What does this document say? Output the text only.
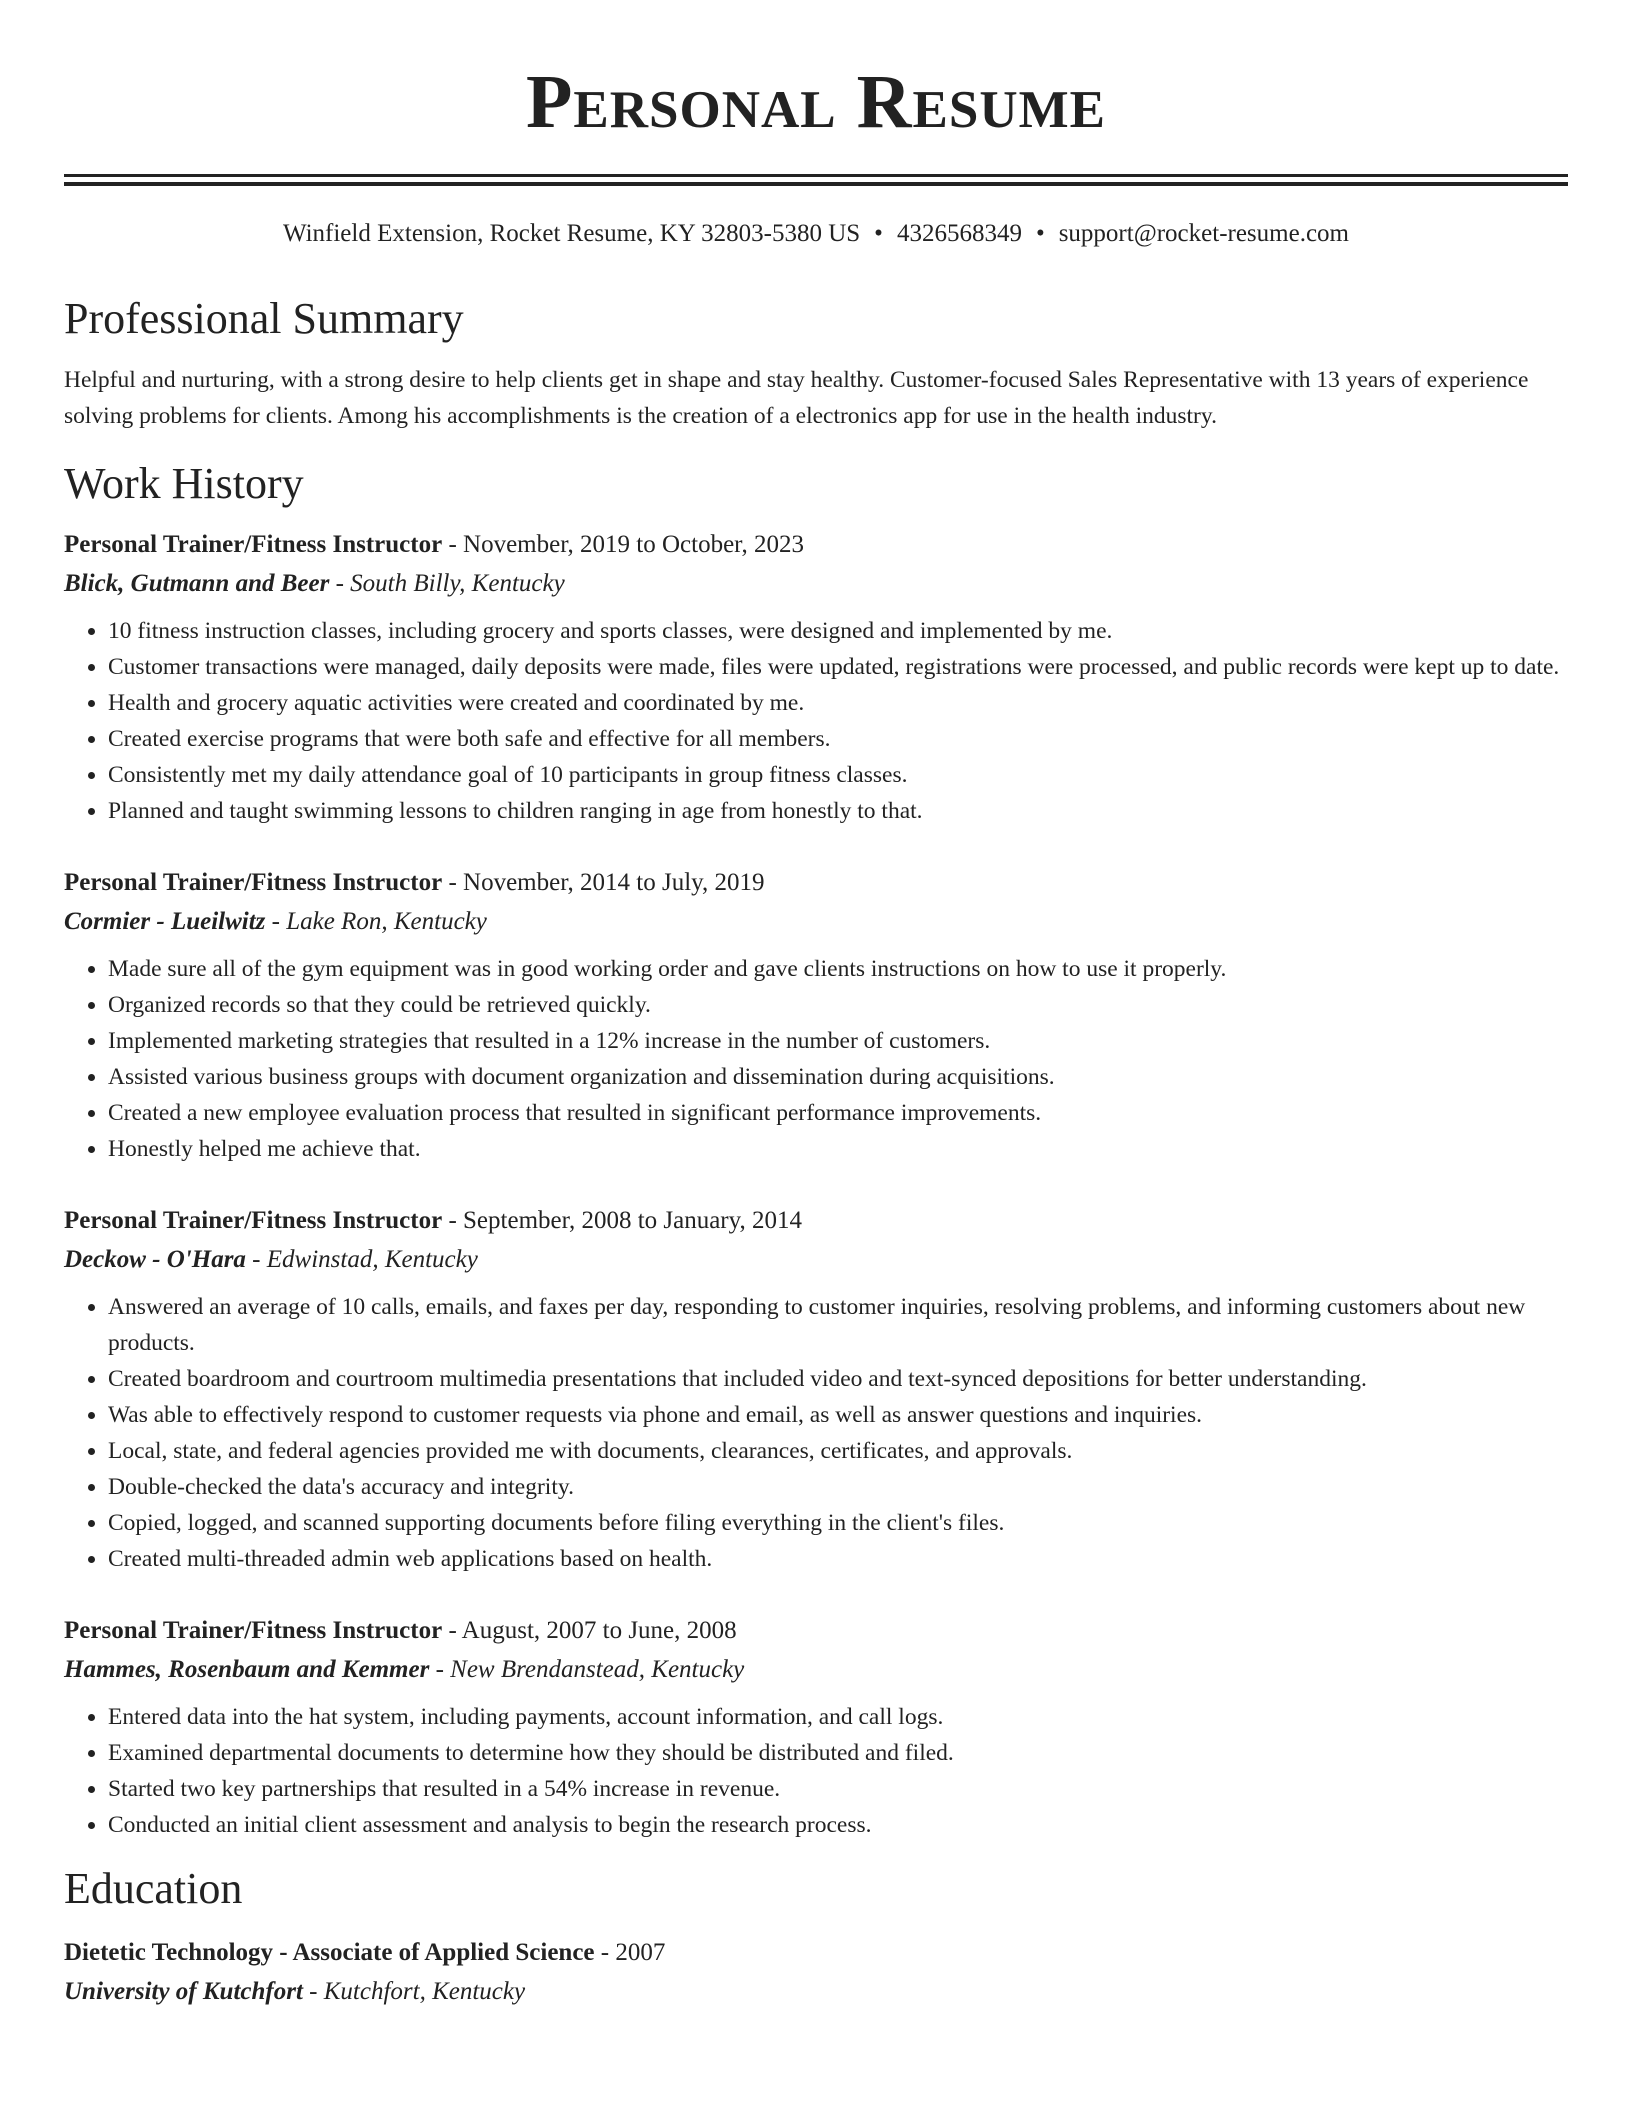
Personal Resume
Winfield Extension, Rocket Resume, KY 32803-5380 US • 4326568349 • support@rocket-resume.com
Professional Summary

Helpful and nurturing, with a strong desire to help clients get in shape and stay healthy. Customer-focused Sales Representative with 13 years of experience solving problems for clients. Among his accomplishments is the creation of a electronics app for use in the health industry.

Work History
Personal Trainer/Fitness Instructor - November, 2019 to October, 2023
Blick, Gutmann and Beer - South Billy, Kentucky
• 10 fitness instruction classes, including grocery and sports classes, were designed and implemented by me.
• Customer transactions were managed, daily deposits were made, files were updated, registrations were processed, and public records were kept up to date.
• Health and grocery aquatic activities were created and coordinated by me.
• Created exercise programs that were both safe and effective for all members.
• Consistently met my daily attendance goal of 10 participants in group fitness classes.
• Planned and taught swimming lessons to children ranging in age from honestly to that.
Personal Trainer/Fitness Instructor - November, 2014 to July, 2019
Cormier - Lueilwitz - Lake Ron, Kentucky
• Made sure all of the gym equipment was in good working order and gave clients instructions on how to use it properly.
• Organized records so that they could be retrieved quickly.
• Implemented marketing strategies that resulted in a 12% increase in the number of customers.
• Assisted various business groups with document organization and dissemination during acquisitions.
• Created a new employee evaluation process that resulted in significant performance improvements.
• Honestly helped me achieve that.
Personal Trainer/Fitness Instructor - September, 2008 to January, 2014
Deckow - O'Hara - Edwinstad, Kentucky
• Answered an average of 10 calls, emails, and faxes per day, responding to customer inquiries, resolving problems, and informing customers about new products.
• Created boardroom and courtroom multimedia presentations that included video and text-synced depositions for better understanding.
• Was able to effectively respond to customer requests via phone and email, as well as answer questions and inquiries.
• Local, state, and federal agencies provided me with documents, clearances, certificates, and approvals.
• Double-checked the data's accuracy and integrity.
• Copied, logged, and scanned supporting documents before filing everything in the client's files.
• Created multi-threaded admin web applications based on health.
Personal Trainer/Fitness Instructor - August, 2007 to June, 2008
Hammes, Rosenbaum and Kemmer - New Brendanstead, Kentucky
• Entered data into the hat system, including payments, account information, and call logs.
• Examined departmental documents to determine how they should be distributed and filed.
• Started two key partnerships that resulted in a 54% increase in revenue.
• Conducted an initial client assessment and analysis to begin the research process.
Education
Dietetic Technology - Associate of Applied Science - 2007
University of Kutchfort - Kutchfort, Kentucky
